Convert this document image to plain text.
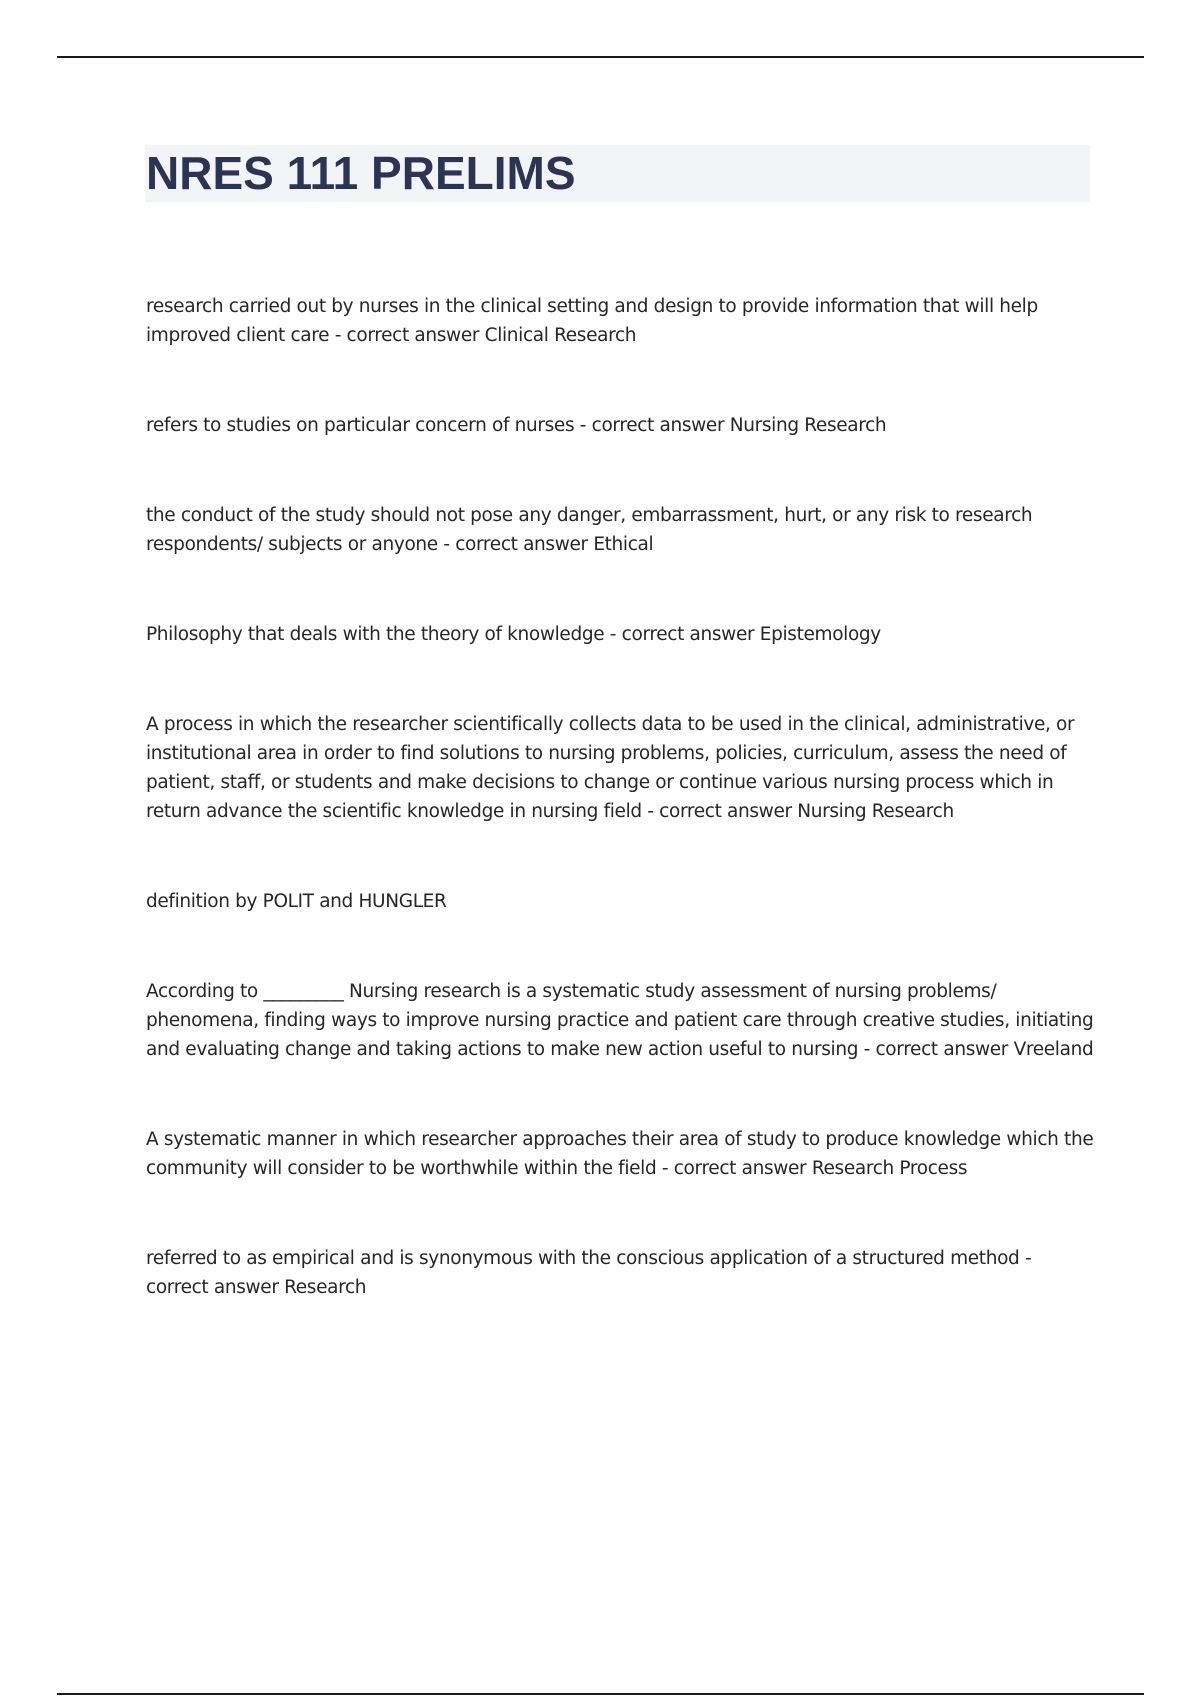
NRES 111 PRELIMS

research carried out by nurses in the clinical setting and design to provide information that will help improved client care - correct answer Clinical Research

refers to studies on particular concern of nurses - correct answer Nursing Research

the conduct of the study should not pose any danger, embarrassment, hurt, or any risk to research respondents/ subjects or anyone - correct answer Ethical

Philosophy that deals with the theory of knowledge - correct answer Epistemology

A process in which the researcher scientifically collects data to be used in the clinical, administrative, or institutional area in order to find solutions to nursing problems, policies, curriculum, assess the need of patient, staff, or students and make decisions to change or continue various nursing process which in return advance the scientific knowledge in nursing field - correct answer Nursing Research

definition by POLIT and HUNGLER

According to _________ Nursing research is a systematic study assessment of nursing problems/ phenomena, finding ways to improve nursing practice and patient care through creative studies, initiating and evaluating change and taking actions to make new action useful to nursing - correct answer Vreeland

A systematic manner in which researcher approaches their area of study to produce knowledge which the community will consider to be worthwhile within the field - correct answer Research Process

referred to as empirical and is synonymous with the conscious application of a structured method - correct answer Research
